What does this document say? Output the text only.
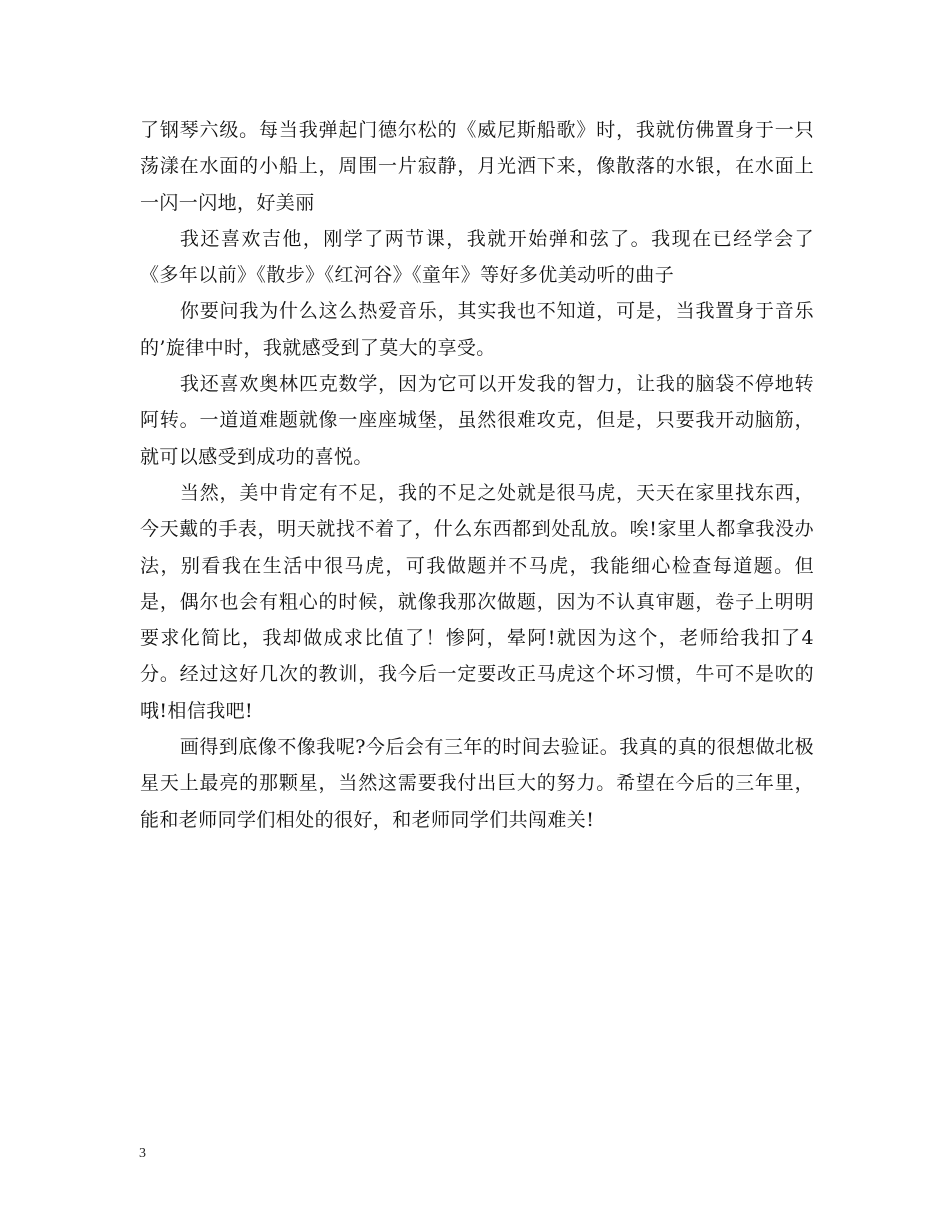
了钢琴六级。每当我弹起门德尔松的《威尼斯船歌》时，我就仿佛置身于一只荡漾在水面的小船上，周围一片寂静，月光洒下来，像散落的水银，在水面上一闪一闪地，好美丽

我还喜欢吉他，刚学了两节课，我就开始弹和弦了。我现在已经学会了《多年以前》《散步》《红河谷》《童年》等好多优美动听的曲子

你要问我为什么这么热爱音乐，其实我也不知道，可是，当我置身于音乐的’旋律中时，我就感受到了莫大的享受。

我还喜欢奥林匹克数学，因为它可以开发我的智力，让我的脑袋不停地转阿转。一道道难题就像一座座城堡，虽然很难攻克，但是，只要我开动脑筋，就可以感受到成功的喜悦。

当然，美中肯定有不足，我的不足之处就是很马虎，天天在家里找东西，今天戴的手表，明天就找不着了，什么东西都到处乱放。唉!家里人都拿我没办法，别看我在生活中很马虎，可我做题并不马虎，我能细心检查每道题。但是，偶尔也会有粗心的时候，就像我那次做题，因为不认真审题，卷子上明明要求化简比，我却做成求比值了！惨阿，晕阿!就因为这个，老师给我扣了4分。经过这好几次的教训，我今后一定要改正马虎这个坏习惯，牛可不是吹的哦!相信我吧!

画得到底像不像我呢?今后会有三年的时间去验证。我真的真的很想做北极星天上最亮的那颗星，当然这需要我付出巨大的努力。希望在今后的三年里，能和老师同学们相处的很好，和老师同学们共闯难关!

3
